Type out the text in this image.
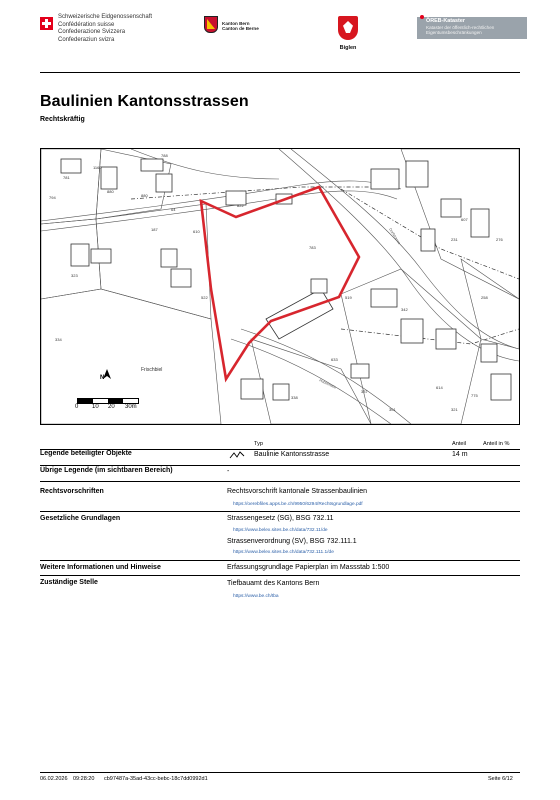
Schweizerische Eidgenossenschaft
Confédération suisse
Confederazione Svizzera
Confederaziun svizra
Kanton Bern
Canton de Berne
Biglen
ÖREB-Kataster
Kataster der öffentlich-rechtlichen
Eigentumsbeschränkungen
Baulinien Kantonsstrassen
Rechtskräftig
781
1160
880
880
794
788
64
187	610
822
783
519
323
522
334
633
337
338
607
276
231
258
342
614
775
301	321
Frischbiel
Dorfstrasse
Hubelmatte
N
0 10 20 30m
Typ	Anteil	Anteil in %
Legende beteiligter Objekte	Baulinie Kantonsstrasse	14 m
Übrige Legende (im sichtbaren Bereich)	-
Rechtsvorschriften	Rechtsvorschrift kantonale Strassenbaulinien
https://oerebfiles.apps.be.ch/9950/6294/Rechtsgrundlage.pdf
Gesetzliche Grundlagen	Strassengesetz (SG), BSG 732.11
https://www.belex.sites.be.ch/data/732.11/de
Strassenverordnung (SV), BSG 732.111.1
https://www.belex.sites.be.ch/data/732.111.1/de
Weitere Informationen und Hinweise	Erfassungsgrundlage Papierplan im Massstab 1:500
Zuständige Stelle	Tiefbauamt des Kantons Bern
https://www.be.ch/tba
06.02.2026 09:28:20 cb97487a-35ad-43cc-bebc-18c7dd0992d1	Seite 6/12
